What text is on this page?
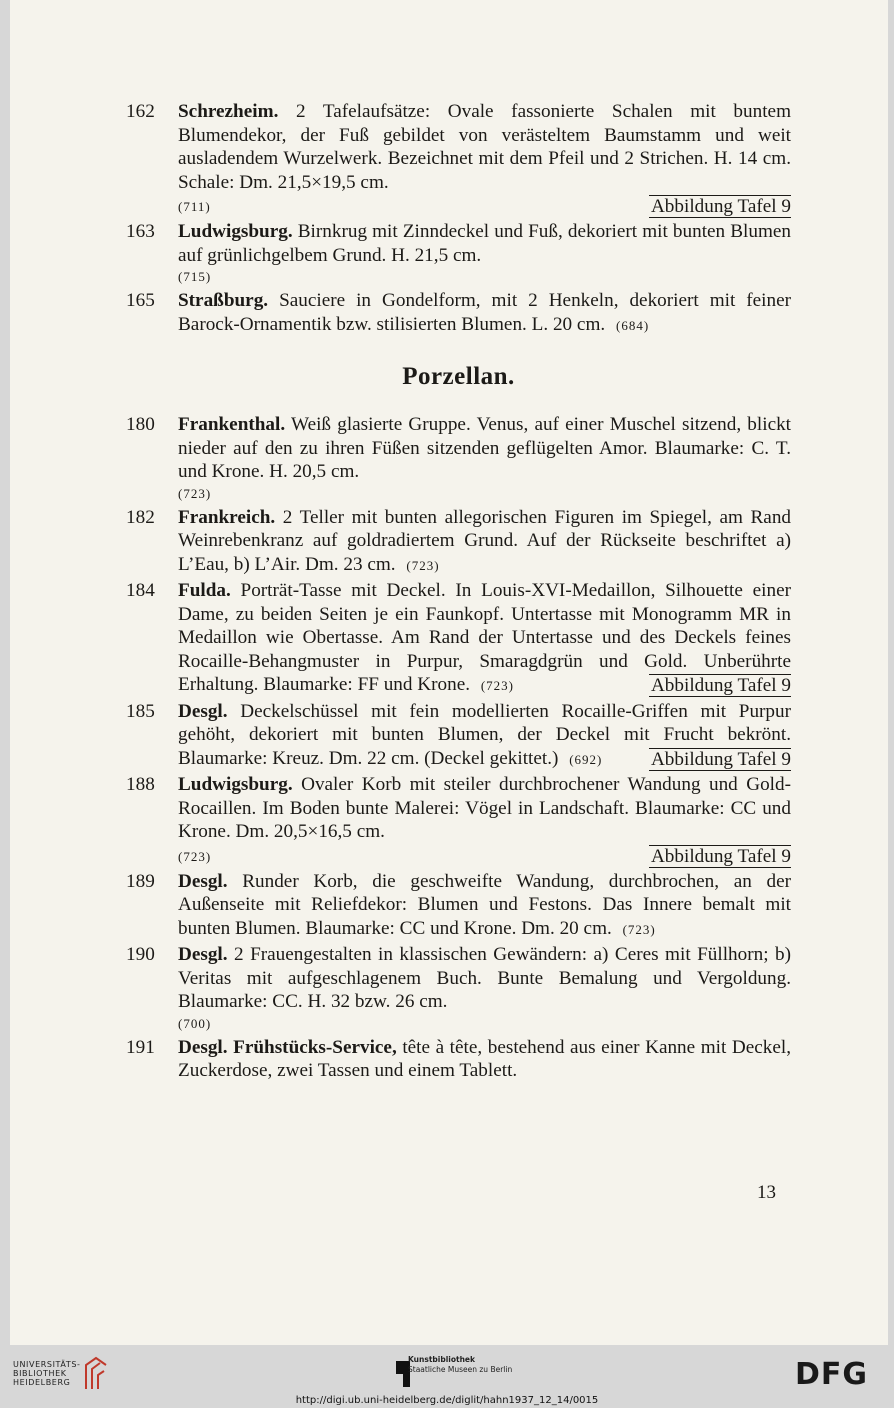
162 Schrezheim. 2 Tafelaufsätze: Ovale fassonierte Schalen mit buntem Blumendekor, der Fuß gebildet von verästeltem Baumstamm und weit ausladendem Wurzelwerk. Bezeichnet mit dem Pfeil und 2 Strichen. H. 14 cm. Schale: Dm. 21,5×19,5 cm.
(711)	Abbildung Tafel 9
163 Ludwigsburg. Birnkrug mit Zinndeckel und Fuß, dekoriert mit bunten Blumen auf grünlichgelbem Grund. H. 21,5 cm.
(715)
165 Straßburg. Sauciere in Gondelform, mit 2 Henkeln, dekoriert mit feiner Barock-Ornamentik bzw. stilisierten Blumen. L. 20 cm. (684)
Porzellan.
180 Frankenthal. Weiß glasierte Gruppe. Venus, auf einer Muschel sitzend, blickt nieder auf den zu ihren Füßen sitzenden geflügelten Amor. Blaumarke: C. T. und Krone. H. 20,5 cm.
(723)
182 Frankreich. 2 Teller mit bunten allegorischen Figuren im Spiegel, am Rand Weinrebenkranz auf goldradiertem Grund. Auf der Rückseite beschriftet a) L’Eau, b) L’Air. Dm. 23 cm. (723)
184 Fulda. Porträt-Tasse mit Deckel. In Louis-XVI-Medaillon, Silhouette einer Dame, zu beiden Seiten je ein Faunkopf. Untertasse mit Monogramm MR in Medaillon wie Obertasse. Am Rand der Untertasse und des Deckels feines Rocaille-Behangmuster in Purpur, Smaragdgrün und Gold. Unberührte Erhaltung. Blaumarke: FF und Krone. (723)	Abbildung Tafel 9
185 Desgl. Deckelschüssel mit fein modellierten Rocaille-Griffen mit Purpur gehöht, dekoriert mit bunten Blumen, der Deckel mit Frucht bekrönt. Blaumarke: Kreuz. Dm. 22 cm. (Deckel gekittet.) (692)	Abbildung Tafel 9
188 Ludwigsburg. Ovaler Korb mit steiler durchbrochener Wandung und Gold-Rocaillen. Im Boden bunte Malerei: Vögel in Landschaft. Blaumarke: CC und Krone. Dm. 20,5×16,5 cm.
(723)	Abbildung Tafel 9
189 Desgl. Runder Korb, die geschweifte Wandung, durchbrochen, an der Außenseite mit Reliefdekor: Blumen und Festons. Das Innere bemalt mit bunten Blumen. Blaumarke: CC und Krone. Dm. 20 cm. (723)
190 Desgl. 2 Frauengestalten in klassischen Gewändern: a) Ceres mit Füllhorn; b) Veritas mit aufgeschlagenem Buch. Bunte Bemalung und Vergoldung. Blaumarke: CC. H. 32 bzw. 26 cm.
(700)
191 Desgl. Frühstücks-Service, tête à tête, bestehend aus einer Kanne mit Deckel, Zuckerdose, zwei Tassen und einem Tablett.
13
UNIVERSITÄTS-
BIBLIOTHEK
HEIDELBERG
Kunstbibliothek
Staatliche Museen zu Berlin	DFG
http://digi.ub.uni-heidelberg.de/diglit/hahn1937_12_14/0015
